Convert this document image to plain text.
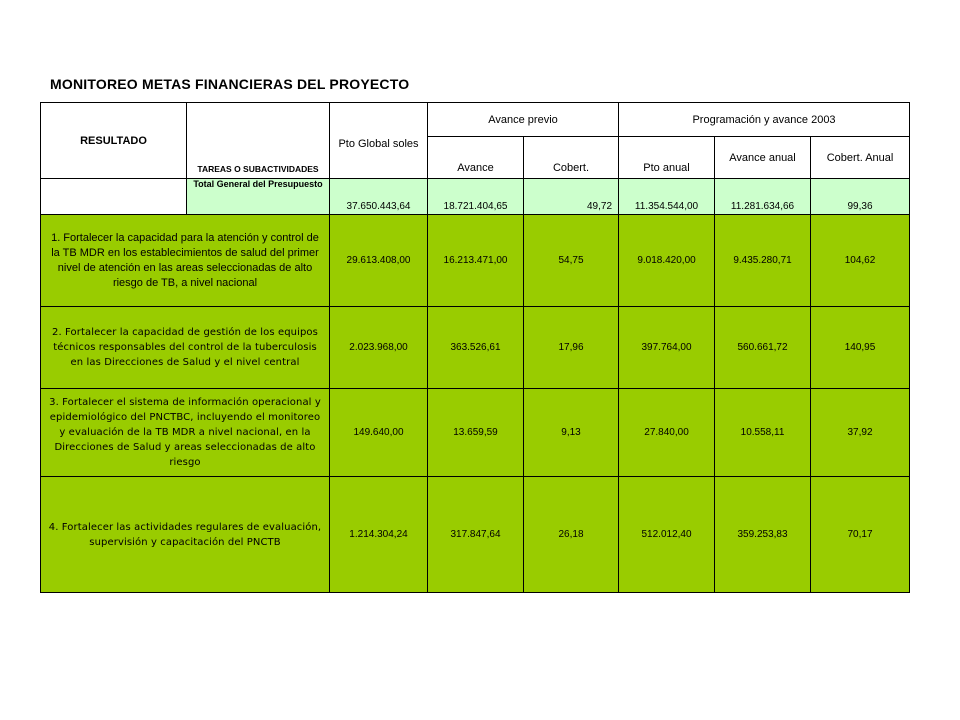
MONITOREO METAS FINANCIERAS DEL PROYECTO
RESULTADO	TAREAS O SUBACTIVIDADES	Pto Global soles	Avance previo		Programación y avance 2003		
			Avance	Cobert.	Pto anual	Avance anual	Cobert. Anual
	Total General del Presupuesto	37.650.443,64	18.721.404,65	49,72	11.354.544,00	11.281.634,66	99,36
1. Fortalecer la capacidad para la atención y control de la TB MDR en los establecimientos de salud del primer nivel de atención en las areas seleccionadas de alto riesgo de TB, a nivel nacional		29.613.408,00	16.213.471,00	54,75	9.018.420,00	9.435.280,71	104,62
2. Fortalecer la capacidad de gestión de los equipos técnicos responsables del control de la tuberculosis en las Direcciones de Salud y el nivel central		2.023.968,00	363.526,61	17,96	397.764,00	560.661,72	140,95
3. Fortalecer el sistema de información operacional y epidemiológico del PNCTBC, incluyendo el monitoreo y evaluación de la TB MDR a nivel nacional, en la Direcciones de Salud y areas seleccionadas de alto riesgo		149.640,00	13.659,59	9,13	27.840,00	10.558,11	37,92
4. Fortalecer las actividades regulares de evaluación, supervisión y capacitación del PNCTB		1.214.304,24	317.847,64	26,18	512.012,40	359.253,83	70,17
